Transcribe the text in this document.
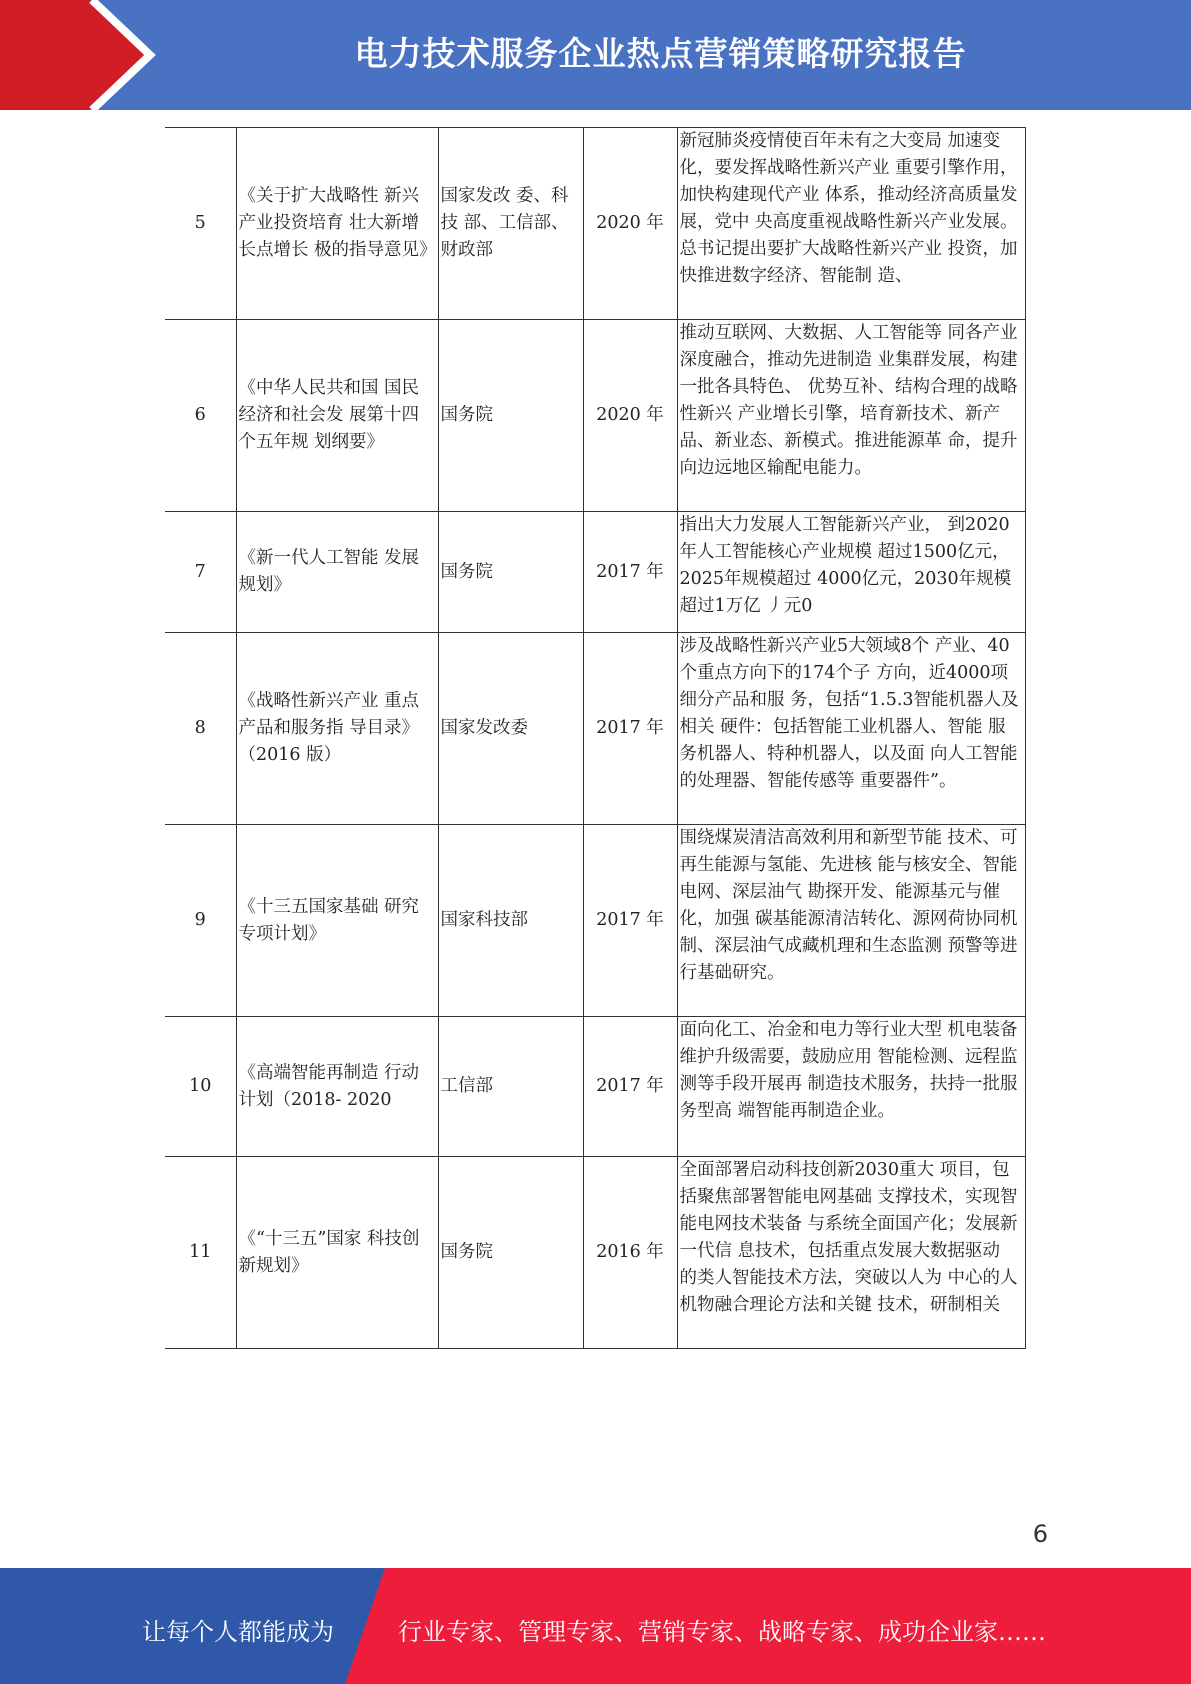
电力技术服务企业热点营销策略研究报告
5	《关于扩大战略性 新兴产业投资培育 壮大新增长点增长 极的指导意见》	国家发改 委、科技 部、工信部、财政部	2020 年	新冠肺炎疫情使百年未有之大变局 加速变化，要发挥战略性新兴产业 重要引擎作用，加快构建现代产业 体系，推动经济高质量发展，党中 央高度重视战略性新兴产业发展。总书记提出要扩大战略性新兴产业 投资，加快推进数字经济、智能制 造、

6	《中华人民共和国 国民经济和社会发 展第十四个五年规 划纲要》	国务院	2020 年	推动互联网、大数据、人工智能等 同各产业深度融合，推动先进制造 业集群发展，构建一批各具特色、 优势互补、结构合理的战略性新兴 产业增长引擎，培育新技术、新产 品、新业态、新模式。推进能源革 命，提升向边远地区输配电能力。

7	《新一代人工智能 发展规划》	国务院	2017 年	指出大力发展人工智能新兴产业， 到2020年人工智能核心产业规模 超过1500亿元，2025年规模超过 4000亿元，2030年规模超过1万亿 丿元0

8	《战略性新兴产业 重点产品和服务指 导目录》（2016 版）	国家发改委	2017 年	涉及战略性新兴产业5大领域8个 产业、40个重点方向下的174个子 方向，近4000项细分产品和服 务，包括“1.5.3智能机器人及相关 硬件：包括智能工业机器人、智能 服务机器人、特种机器人，以及面 向人工智能的处理器、智能传感等 重要器件”。

9	《十三五国家基础 研究专项计划》	国家科技部	2017 年	围绕煤炭清洁高效利用和新型节能 技术、可再生能源与氢能、先进核 能与核安全、智能电网、深层油气 勘探开发、能源基元与催化，加强 碳基能源清洁转化、源网荷协同机制、深层油气成藏机理和生态监测 预警等进行基础研究。

10	《高端智能再制造 行动计划（2018- 2020	工信部	2017 年	面向化工、冶金和电力等行业大型 机电装备维护升级需要，鼓励应用 智能检测、远程监测等手段开展再 制造技术服务，扶持一批服务型高 端智能再制造企业。

11	《“十三五”国家 科技创新规划》	国务院	2016 年	全面部署启动科技创新2030重大 项目，包括聚焦部署智能电网基础 支撑技术，实现智能电网技术装备 与系统全面国产化；发展新一代信 息技术，包括重点发展大数据驱动 的类人智能技术方法，突破以人为 中心的人机物融合理论方法和关键 技术，研制相关
6
让每个人都能成为	行业专家、管理专家、营销专家、战略专家、成功企业家……
